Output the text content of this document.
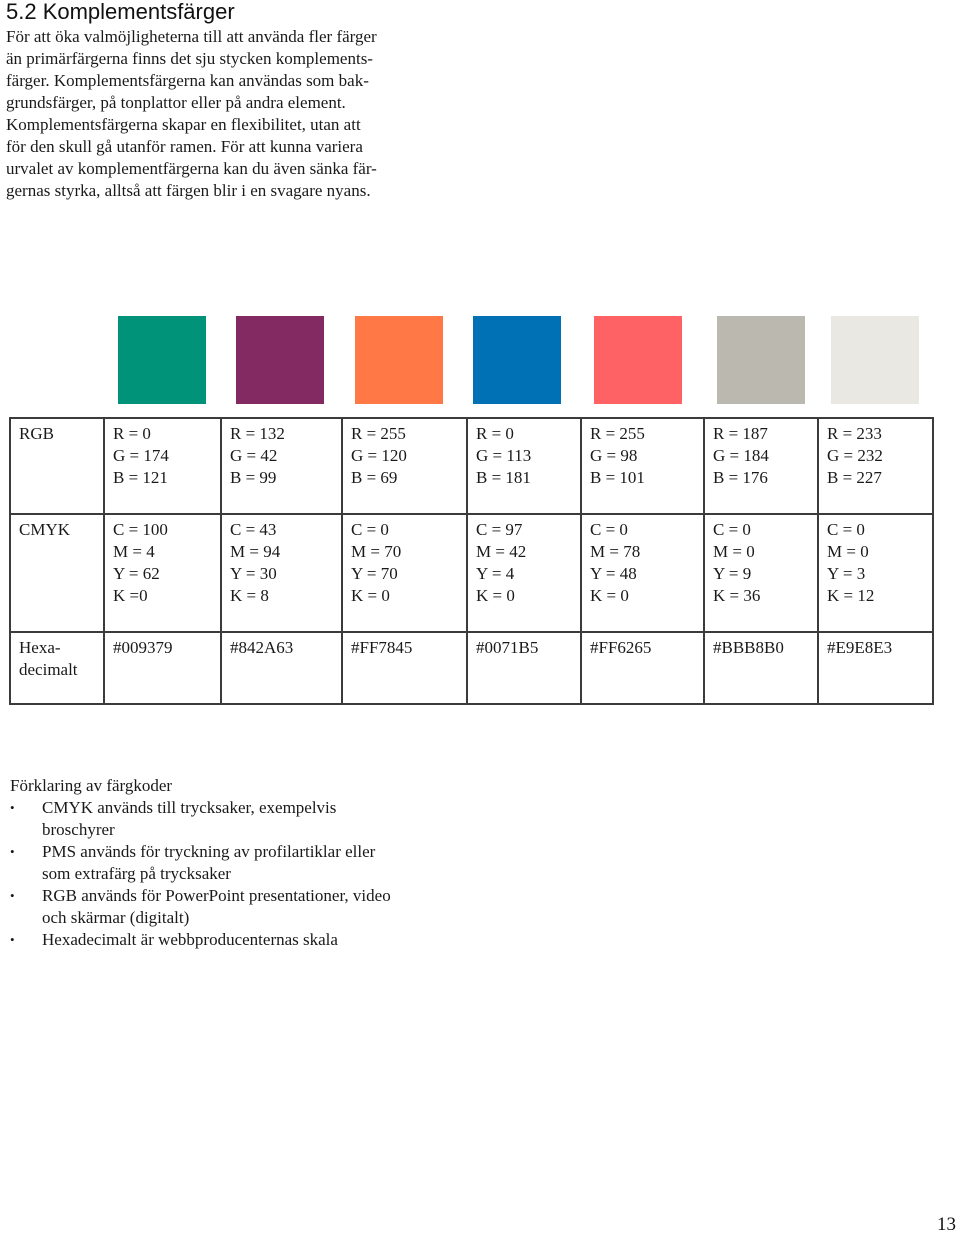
5.2 Komplementsfärger

För att öka valmöjligheterna till att använda fler färger
än primärfärgerna finns det sju stycken komplements-
färger. Komplementsfärgerna kan användas som bak-
grundsfärger, på tonplattor eller på andra element.
Komplementsfärgerna skapar en flexibilitet, utan att
för den skull gå utanför ramen. För att kunna variera
urvalet av komplementfärgerna kan du även sänka fär-
gernas styrka, alltså att färgen blir i en svagare nyans.

RGB	R = 0
G = 174
B = 121	R = 132
G = 42
B = 99	R = 255
G = 120
B = 69	R = 0
G = 113
B = 181	R = 255
G = 98
B = 101	R = 187
G = 184
B = 176	R = 233
G = 232
B = 227

CMYK	C = 100
M = 4
Y = 62
K =0	C = 43
M = 94
Y = 30
K = 8	C = 0
M = 70
Y = 70
K = 0	C = 97
M = 42
Y = 4
K = 0	C = 0
M = 78
Y = 48
K = 0	C = 0
M = 0
Y = 9
K = 36	C = 0
M = 0
Y = 3
K = 12

Hexa-
decimalt	#009379	#842A63	#FF7845	#0071B5	#FF6265	#BBB8B0	#E9E8E3
Förklaring av färgkoder
• CMYK används till trycksaker, exempelvis
broschyrer
• PMS används för tryckning av profilartiklar eller
som extrafärg på trycksaker
• RGB används för PowerPoint presentationer, video
och skärmar (digitalt)
• Hexadecimalt är webbproducenternas skala
13
